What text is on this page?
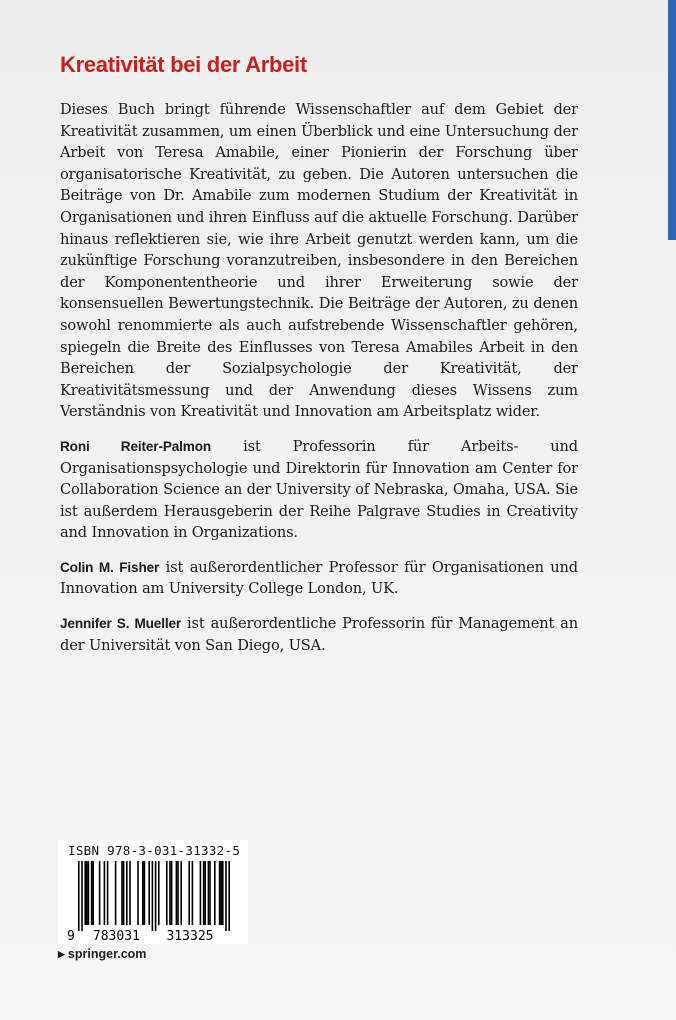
Kreativität bei der Arbeit

Dieses Buch bringt führende Wissenschaftler auf dem Gebiet der Kreativität zusammen, um einen Überblick und eine Untersuchung der Arbeit von Teresa Amabile, einer Pionierin der Forschung über organisatorische Kreativität, zu geben. Die Autoren untersuchen die Beiträge von Dr. Amabile zum modernen Studium der Kreativität in Organisationen und ihren Einfluss auf die aktuelle Forschung. Darüber hinaus reflektieren sie, wie ihre Arbeit genutzt werden kann, um die zukünftige Forschung voranzutreiben, insbesondere in den Bereichen der Komponententheorie und ihrer Erweiterung sowie der konsensuellen Bewertungstechnik. Die Beiträge der Autoren, zu denen sowohl renommierte als auch aufstrebende Wissenschaftler gehören, spiegeln die Breite des Einflusses von Teresa Amabiles Arbeit in den Bereichen der Sozialpsychologie der Kreativität, der Kreativitätsmessung und der Anwendung dieses Wissens zum Verständnis von Kreativität und Innovation am Arbeitsplatz wider.

Roni Reiter-Palmon ist Professorin für Arbeits- und Organisationspsychologie und Direktorin für Innovation am Center for Collaboration Science an der University of Nebraska, Omaha, USA. Sie ist außerdem Herausgeberin der Reihe Palgrave Studies in Creativity and Innovation in Organizations.

Colin M. Fisher ist außerordentlicher Professor für Organisationen und Innovation am University College London, UK.

Jennifer S. Mueller ist außerordentliche Professorin für Management an der Universität von San Diego, USA.

ISBN 978-3-031-31332-5
9 783031 313325
▶ springer.com
